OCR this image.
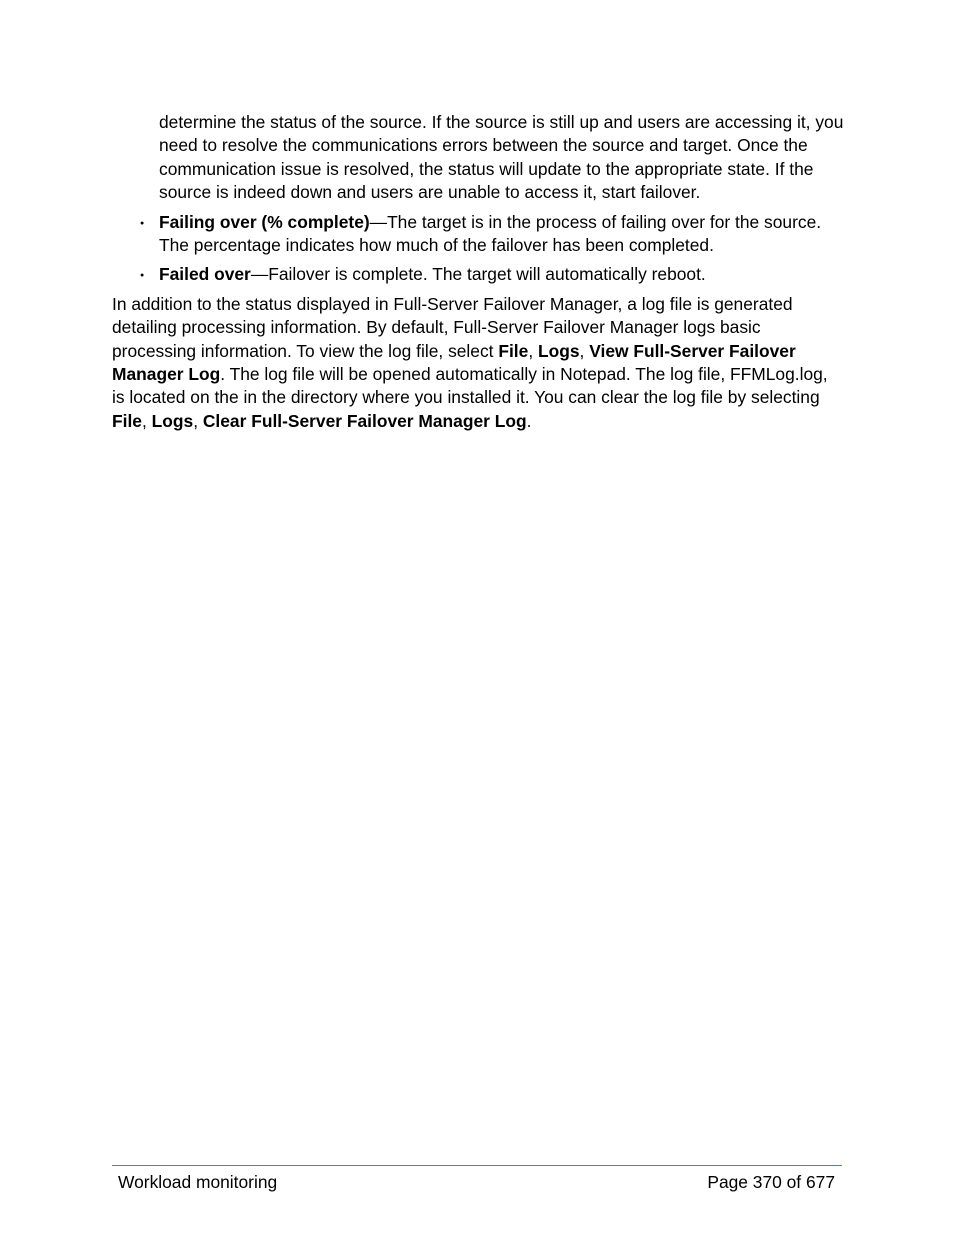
determine the status of the source. If the source is still up and users are accessing it, you need to resolve the communications errors between the source and target. Once the communication issue is resolved, the status will update to the appropriate state. If the source is indeed down and users are unable to access it, start failover.

●
Failing over (% complete)—The target is in the process of failing over for the source. The percentage indicates how much of the failover has been completed.
●
Failed over—Failover is complete. The target will automatically reboot.

In addition to the status displayed in Full-Server Failover Manager, a log file is generated detailing processing information. By default, Full-Server Failover Manager logs basic processing information. To view the log file, select File, Logs, View Full-Server Failover Manager Log. The log file will be opened automatically in Notepad. The log file, FFMLog.log, is located on the in the directory where you installed it. You can clear the log file by selecting File, Logs, Clear Full-Server Failover Manager Log.

Workload monitoring	Page 370 of 677
